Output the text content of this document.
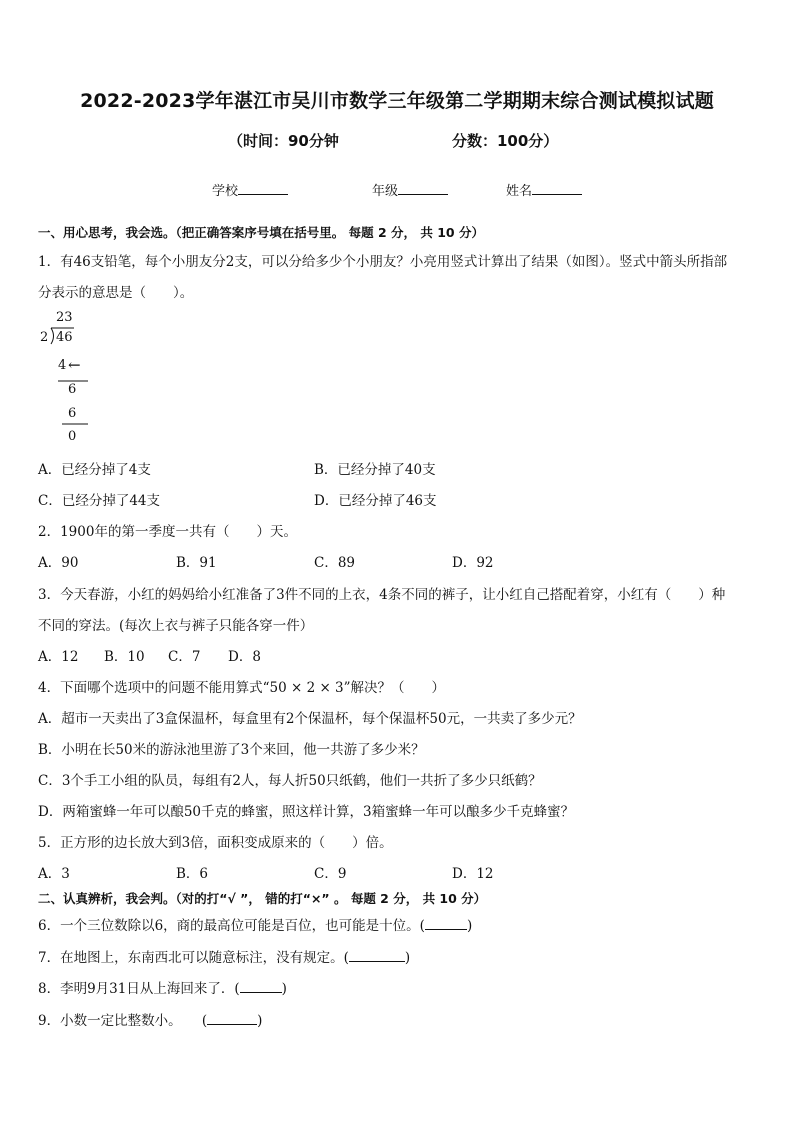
2022-2023学年湛江市吴川市数学三年级第二学期期末综合测试模拟试题
（时间：90分钟	分数：100分）
学校	年级	姓名
一、用心思考，我会选。（把正确答案序号填在括号里。 每题 2 分， 共 10 分）
1．有46支铅笔，每个小朋友分2支，可以分给多少个小朋友？小亮用竖式计算出了结果（如图）。竖式中箭头所指部
分表示的意思是（　　）。
23
2 46
4 ←
6
6
0
A．已经分掉了4支	B．已经分掉了40支
C．已经分掉了44支	D．已经分掉了46支
2．1900年的第一季度一共有（　　）天。
A．90	B．91	C．89	D．92
3．今天春游，小红的妈妈给小红准备了3件不同的上衣，4条不同的裤子，让小红自己搭配着穿，小红有（　　）种
不同的穿法。(每次上衣与裤子只能各穿一件）
A．12 B．10 C．7 D．8
4．下面哪个选项中的问题不能用算式“50 × 2 × 3”解决？（　　）
A．超市一天卖出了3盒保温杯，每盒里有2个保温杯，每个保温杯50元，一共卖了多少元？
B．小明在长50米的游泳池里游了3个来回，他一共游了多少米？
C．3个手工小组的队员，每组有2人，每人折50只纸鹤，他们一共折了多少只纸鹤？
D．两箱蜜蜂一年可以酿50千克的蜂蜜，照这样计算，3箱蜜蜂一年可以酿多少千克蜂蜜？
5．正方形的边长放大到3倍，面积变成原来的（　　）倍。
A．3	B．6	C．9	D．12
二、认真辨析，我会判。（对的打“√ ”， 错的打“×” 。 每题 2 分， 共 10 分）
6．一个三位数除以6，商的最高位可能是百位，也可能是十位。(	)
7．在地图上，东南西北可以随意标注，没有规定。(	)
8．李明9月31日从上海回来了．(	)
9．小数一定比整数小。　　(	)
